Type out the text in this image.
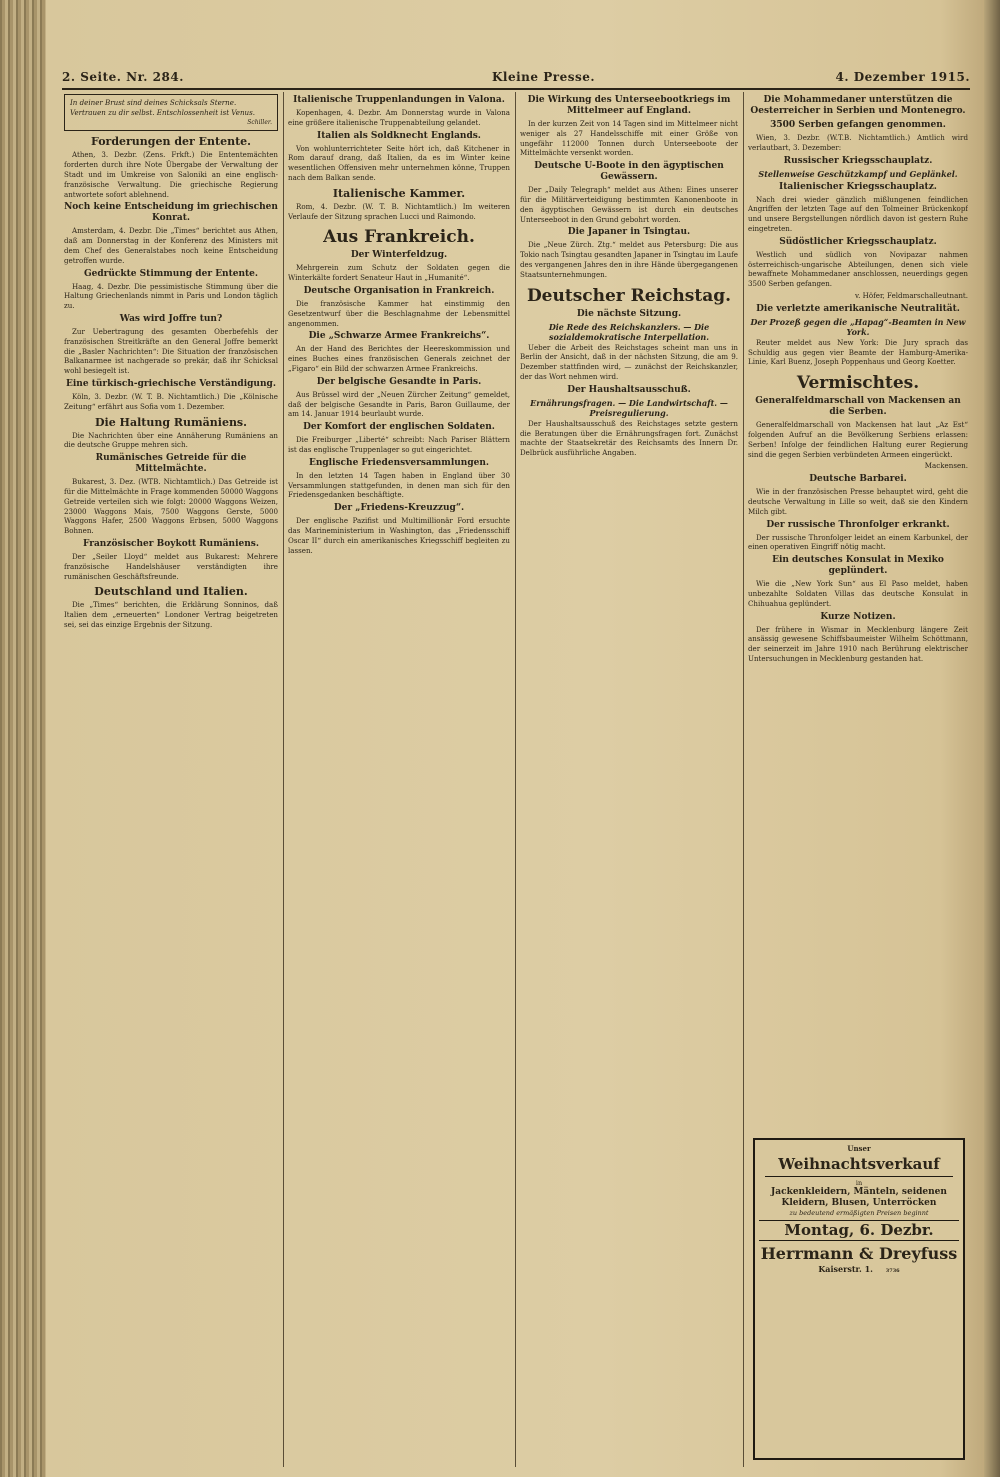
2. Seite. Nr. 284.	Kleine Presse.	4. Dezember 1915.
In deiner Brust sind deines Schicksals Sterne. Vertrauen zu dir selbst. Entschlossenheit ist Venus.
Schiller.
Forderungen der Entente.
Athen, 3. Dezbr. (Zens. Frkft.) Die Ententemächten forderten durch ihre Note Übergabe der Verwaltung der Stadt und im Umkreise von Saloniki an eine englisch-französische Verwaltung. Die griechische Regierung antwortete sofort ablehnend.
Noch keine Entscheidung im griechischen Konrat.
Amsterdam, 4. Dezbr. Die „Times“ berichtet aus Athen, daß am Donnerstag in der Konferenz des Ministers mit dem Chef des Generalstabes noch keine Entscheidung getroffen wurde.
Gedrückte Stimmung der Entente.
Haag, 4. Dezbr. Die pessimistische Stimmung über die Haltung Griechenlands nimmt in Paris und London täglich zu.
Was wird Joffre tun?
Zur Uebertragung des gesamten Oberbefehls der französischen Streitkräfte an den General Joffre bemerkt die „Basler Nachrichten“: Die Situation der französischen Balkanarmee ist nachgerade so prekär, daß ihr Schicksal wohl besiegelt ist.
Eine türkisch-griechische Verständigung.
Köln, 3. Dezbr. (W. T. B. Nichtamtlich.) Die „Kölnische Zeitung“ erfährt aus Sofia vom 1. Dezember.
Die Haltung Rumäniens.
Die Nachrichten über eine Annäherung Rumäniens an die deutsche Gruppe mehren sich.
Rumänisches Getreide für die Mittelmächte.
Bukarest, 3. Dez. (WTB. Nichtamtlich.) Das Getreide ist für die Mittelmächte in Frage kommenden 50000 Waggons Getreide verteilen sich wie folgt: 20000 Waggons Weizen, 23000 Waggons Mais, 7500 Waggons Gerste, 5000 Waggons Hafer, 2500 Waggons Erbsen, 5000 Waggons Bohnen.
Französischer Boykott Rumäniens.
Der „Seiler Lloyd“ meldet aus Bukarest: Mehrere französische Handelshäuser verständigten ihre rumänischen Geschäftsfreunde.
Deutschland und Italien.
Die „Times“ berichten, die Erklärung Sonninos, daß Italien dem „erneuerten“ Londoner Vertrag beigetreten sei, sei das einzige Ergebnis der Sitzung.
Italienische Truppenlandungen in Valona.
Kopenhagen, 4. Dezbr. Am Donnerstag wurde in Valona eine größere italienische Truppenabteilung gelandet.
Italien als Soldknecht Englands.
Von wohlunterrichteter Seite hört ich, daß Kitchener in Rom darauf drang, daß Italien, da es im Winter keine wesentlichen Offensiven mehr unternehmen könne, Truppen nach dem Balkan sende.
Italienische Kammer.
Rom, 4. Dezbr. (W. T. B. Nichtamtlich.) Im weiteren Verlaufe der Sitzung sprachen Lucci und Raimondo.
Aus Frankreich.
Der Winterfeldzug.
Mehrgerein zum Schutz der Soldaten gegen die Winterkälte fordert Senateur Haut in „Humanité“.
Deutsche Organisation in Frankreich.
Die französische Kammer hat einstimmig den Gesetzentwurf über die Beschlagnahme der Lebensmittel angenommen.
Die „Schwarze Armee Frankreichs“.
An der Hand des Berichtes der Heereskommission und eines Buches eines französischen Generals zeichnet der „Figaro“ ein Bild der schwarzen Armee Frankreichs.
Der belgische Gesandte in Paris.
Aus Brüssel wird der „Neuen Zürcher Zeitung“ gemeldet, daß der belgische Gesandte in Paris, Baron Guillaume, der am 14. Januar 1914 beurlaubt wurde.
Der Komfort der englischen Soldaten.
Die Freiburger „Liberté“ schreibt: Nach Pariser Blättern ist das englische Truppenlager so gut eingerichtet.
Englische Friedensversammlungen.
In den letzten 14 Tagen haben in England über 30 Versammlungen stattgefunden, in denen man sich für den Friedensgedanken beschäftigte.
Der „Friedens-Kreuzzug“.
Der englische Pazifist und Multimillionär Ford ersuchte das Marineministerium in Washington, das „Friedensschiff Oscar II“ durch ein amerikanisches Kriegsschiff begleiten zu lassen.
Die Wirkung des Unterseebootkriegs im Mittelmeer auf England.
In der kurzen Zeit von 14 Tagen sind im Mittelmeer nicht weniger als 27 Handelsschiffe mit einer Größe von ungefähr 112000 Tonnen durch Unterseeboote der Mittelmächte versenkt worden.
Deutsche U-Boote in den ägyptischen Gewässern.
Der „Daily Telegraph“ meldet aus Athen: Eines unserer für die Militärverteidigung bestimmten Kanonenboote in den ägyptischen Gewässern ist durch ein deutsches Unterseeboot in den Grund gebohrt worden.
Die Japaner in Tsingtau.
Die „Neue Zürch. Ztg.“ meldet aus Petersburg: Die aus Tokio nach Tsingtau gesandten Japaner in Tsingtau im Laufe des vergangenen Jahres den in ihre Hände übergegangenen Staatsunternehmungen.
Deutscher Reichstag.
Die nächste Sitzung.
Die Rede des Reichskanzlers. — Die sozialdemokratische Interpellation.
Ueber die Arbeit des Reichstages scheint man uns in Berlin der Ansicht, daß in der nächsten Sitzung, die am 9. Dezember stattfinden wird, — zunächst der Reichskanzler, der das Wort nehmen wird.
Der Haushaltsausschuß.
Ernährungsfragen. — Die Landwirtschaft. — Preisregulierung.
Der Haushaltsausschuß des Reichstages setzte gestern die Beratungen über die Ernährungsfragen fort. Zunächst machte der Staatsekretär des Reichsamts des Innern Dr. Delbrück ausführliche Angaben.
Die Mohammedaner unterstützen die Oesterreicher in Serbien und Montenegro.
3500 Serben gefangen genommen.
Wien, 3. Dezbr. (W.T.B. Nichtamtlich.) Amtlich wird verlautbart, 3. Dezember:
Russischer Kriegsschauplatz.
Stellenweise Geschützkampf und Geplänkel.
Italienischer Kriegsschauplatz.
Nach drei wieder gänzlich mißlungenen feindlichen Angriffen der letzten Tage auf den Tolmeiner Brückenkopf und unsere Bergstellungen nördlich davon ist gestern Ruhe eingetreten.
Südöstlicher Kriegsschauplatz.
Westlich und südlich von Novipazar nahmen österreichisch-ungarische Abteilungen, denen sich viele bewaffnete Mohammedaner anschlossen, neuerdings gegen 3500 Serben gefangen.
v. Höfer, Feldmarschalleutnant.
Die verletzte amerikanische Neutralität.
Der Prozeß gegen die „Hapag“-Beamten in New York.
Reuter meldet aus New York: Die Jury sprach das Schuldig aus gegen vier Beamte der Hamburg-Amerika-Linie, Karl Buenz, Joseph Poppenhaus und Georg Koetter.
Vermischtes.
Generalfeldmarschall von Mackensen an die Serben.
Generalfeldmarschall von Mackensen hat laut „Az Est“ folgenden Aufruf an die Bevölkerung Serbiens erlassen: Serben! Infolge der feindlichen Haltung eurer Regierung sind die gegen Serbien verbündeten Armeen eingerückt.
Mackensen.
Deutsche Barbarei.
Wie in der französischen Presse behauptet wird, geht die deutsche Verwaltung in Lille so weit, daß sie den Kindern Milch gibt.
Der russische Thronfolger erkrankt.
Der russische Thronfolger leidet an einem Karbunkel, der einen operativen Eingriff nötig macht.
Ein deutsches Konsulat in Mexiko geplündert.
Wie die „New York Sun“ aus El Paso meldet, haben unbezahlte Soldaten Villas das deutsche Konsulat in Chihuahua geplündert.
Kurze Notizen.
Der frühere in Wismar in Mecklenburg längere Zeit ansässig gewesene Schiffsbaumeister Wilhelm Schöttmann, der seinerzeit im Jahre 1910 nach Berührung elektrischer Untersuchungen in Mecklenburg gestanden hat.
Unser
Weihnachtsverkauf
in
Jackenkleidern, Mänteln, seidenen Kleidern, Blusen, Unterröcken
zu bedeutend ermäßigten Preisen beginnt
Montag, 6. Dezbr.
Herrmann & Dreyfuss
Kaiserstr. 1.	3736
